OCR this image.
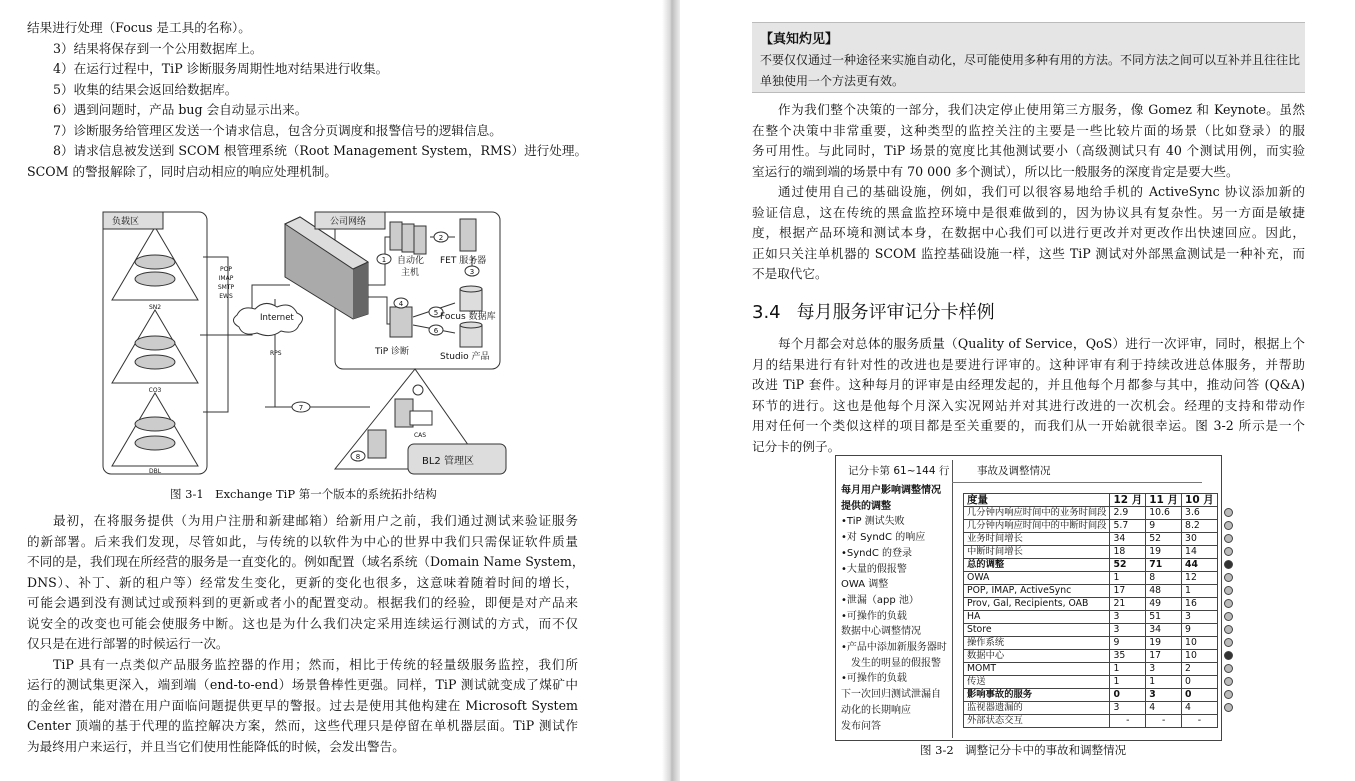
结果进行处理（Focus 是工具的名称）。
3）结果将保存到一个公用数据库上。
4）在运行过程中，TiP 诊断服务周期性地对结果进行收集。
5）收集的结果会返回给数据库。
6）遇到问题时，产品 bug 会自动显示出来。
7）诊断服务给管理区发送一个请求信息，包含分页调度和报警信号的逻辑信息。
8）请求信息被发送到 SCOM 根管理系统（Root Management System，RMS）进行处理。
SCOM 的警报解除了，同时启动相应的响应处理机制。
1
2
3
4
5
6
7
8
负载区	公司网络
Internet
RPS
自动化
主机
FET 服务器
TiP 诊断
Focus 数据库
Studio 产品
BL2 管理区
SN2
CO3
DBL
POP
IMAP
SMTP
EWS
CAS
图 3-1　Exchange TiP 第一个版本的系统拓扑结构
最初，在将服务提供（为用户注册和新建邮箱）给新用户之前，我们通过测试来验证服务
的新部署。后来我们发现，尽管如此，与传统的以软件为中心的世界中我们只需保证软件质量
不同的是，我们现在所经营的服务是一直变化的。例如配置（域名系统（Domain Name System，
DNS）、补丁、新的租户等）经常发生变化，更新的变化也很多，这意味着随着时间的增长，
可能会遇到没有测试过或预料到的更新或者小的配置变动。根据我们的经验，即便是对产品来
说安全的改变也可能会使服务中断。这也是为什么我们决定采用连续运行测试的方式，而不仅
仅只是在进行部署的时候运行一次。
TiP 具有一点类似产品服务监控器的作用；然而，相比于传统的轻量级服务监控，我们所
运行的测试集更深入，端到端（end-to-end）场景鲁棒性更强。同样，TiP 测试就变成了煤矿中
的金丝雀，能对潜在用户面临问题提供更早的警报。过去是使用其他构建在 Microsoft System
Center 顶端的基于代理的监控解决方案，然而，这些代理只是停留在单机器层面。TiP 测试作
为最终用户来运行，并且当它们使用性能降低的时候，会发出警告。
【真知灼见】
不要仅仅通过一种途径来实施自动化，尽可能使用多种有用的方法。不同方法之间可以互补并且往往比单独使用一个方法更有效。
作为我们整个决策的一部分，我们决定停止使用第三方服务，像 Gomez 和 Keynote。虽然
在整个决策中非常重要，这种类型的监控关注的主要是一些比较片面的场景（比如登录）的服
务可用性。与此同时，TiP 场景的宽度比其他测试要小（高级测试只有 40 个测试用例，而实验
室运行的端到端的场景中有 70 000 多个测试），所以比一般服务的深度肯定是要大些。
通过使用自己的基础设施，例如，我们可以很容易地给手机的 ActiveSync 协议添加新的
验证信息，这在传统的黑盒监控环境中是很难做到的，因为协议具有复杂性。另一方面是敏捷
度，根据产品环境和测试本身，在数据中心我们可以进行更改并对更改作出快速回应。因此，
正如只关注单机器的 SCOM 监控基础设施一样，这些 TiP 测试对外部黑盒测试是一种补充，而
不是取代它。
3.4 每月服务评审记分卡样例
每个月都会对总体的服务质量（Quality of Service，QoS）进行一次评审，同时，根据上个
月的结果进行有针对性的改进也是要进行评审的。这种评审有利于持续改进总体服务，并帮助
改进 TiP 套件。这种每月的评审是由经理发起的，并且他每个月都参与其中，推动问答 (Q&A)
环节的进行。这也是他每个月深入实况网站并对其进行改进的一次机会。经理的支持和带动作
用对任何一个类似这样的项目都是至关重要的，而我们从一开始就很幸运。图 3-2 所示是一个
记分卡的例子。
记分卡第 61~144 行	事故及调整情况
每月用户影响调整情况
提供的调整
•TiP 测试失败
•对 SyndC 的响应
•SyndC 的登录
•大量的假报警
OWA 调整
•泄漏（app 池）
•可操作的负载
数据中心调整情况
•产品中添加新服务器时
　发生的明显的假报警
•可操作的负载
下一次回归测试泄漏自
动化的长期响应
发布问答
度量	12 月	11 月	10 月	
几分钟内响应时间中的业务时间段	2.9	10.6	3.6	
几分钟内响应时间中的中断时间段	5.7	9	8.2	
业务时间增长	34	52	30	
中断时间增长	18	19	14	
总的调整	52	71	44	
OWA	1	8	12	
POP, IMAP, ActiveSync	17	48	1	
Prov, Gal, Recipients, OAB	21	49	16	
HA	3	51	3	
Store	3	34	9	
操作系统	9	19	10	
数据中心	35	17	10	
MOMT	1	3	2	
传送	1	1	0	
影响事故的服务	0	3	0	
监视器遗漏的	3	4	4	
外部状态交互	-	-	-	
图 3-2　调整记分卡中的事故和调整情况
